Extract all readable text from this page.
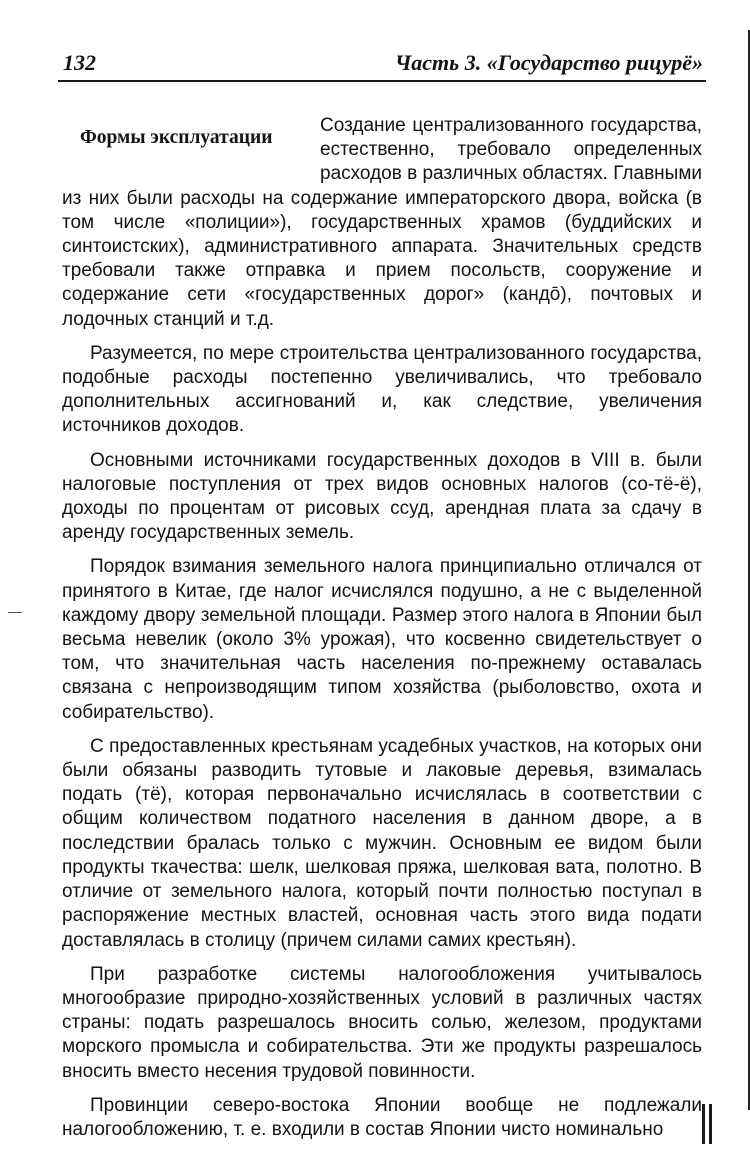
132	Часть 3. «Государство рицурё»
Формы эксплуатации

Создание централизованного государства, естественно, требовало определенных расходов в различных областях. Главными из них были расходы на содержание императорского двора, войска (в том числе «полиции»), государственных храмов (буддийских и синтоистских), административного аппарата. Значительных средств требовали также отправка и прием посольств, сооружение и содержание сети «государственных дорог» (кандō), почтовых и лодочных станций и т.д.

Разумеется, по мере строительства централизованного государства, подобные расходы постепенно увеличивались, что требовало дополнительных ассигнований и, как следствие, увеличения источников доходов.

Основными источниками государственных доходов в VIII в. были налоговые поступления от трех видов основных налогов (со-тё-ё), доходы по процентам от рисовых ссуд, арендная плата за сдачу в аренду государственных земель.

Порядок взимания земельного налога принципиально отличался от принятого в Китае, где налог исчислялся подушно, а не с выделенной каждому двору земельной площади. Размер этого налога в Японии был весьма невелик (около 3% урожая), что косвенно свидетельствует о том, что значительная часть населения по-прежнему оставалась связана с непроизводящим типом хозяйства (рыболовство, охота и собирательство).

С предоставленных крестьянам усадебных участков, на которых они были обязаны разводить тутовые и лаковые деревья, взималась подать (тё), которая первоначально исчислялась в соответствии с общим количеством податного населения в данном дворе, а в последствии бралась только с мужчин. Основным ее видом были продукты ткачества: шелк, шелковая пряжа, шелковая вата, полотно. В отличие от земельного налога, который почти полностью поступал в распоряжение местных властей, основная часть этого вида подати доставлялась в столицу (причем силами самих крестьян).

При разработке системы налогообложения учитывалось многообразие природно-хозяйственных условий в различных частях страны: подать разрешалось вносить солью, железом, продуктами морского промысла и собирательства. Эти же продукты разрешалось вносить вместо несения трудовой повинности.

Провинции северо-востока Японии вообще не подлежали налогообложению, т. е. входили в состав Японии чисто номинально
